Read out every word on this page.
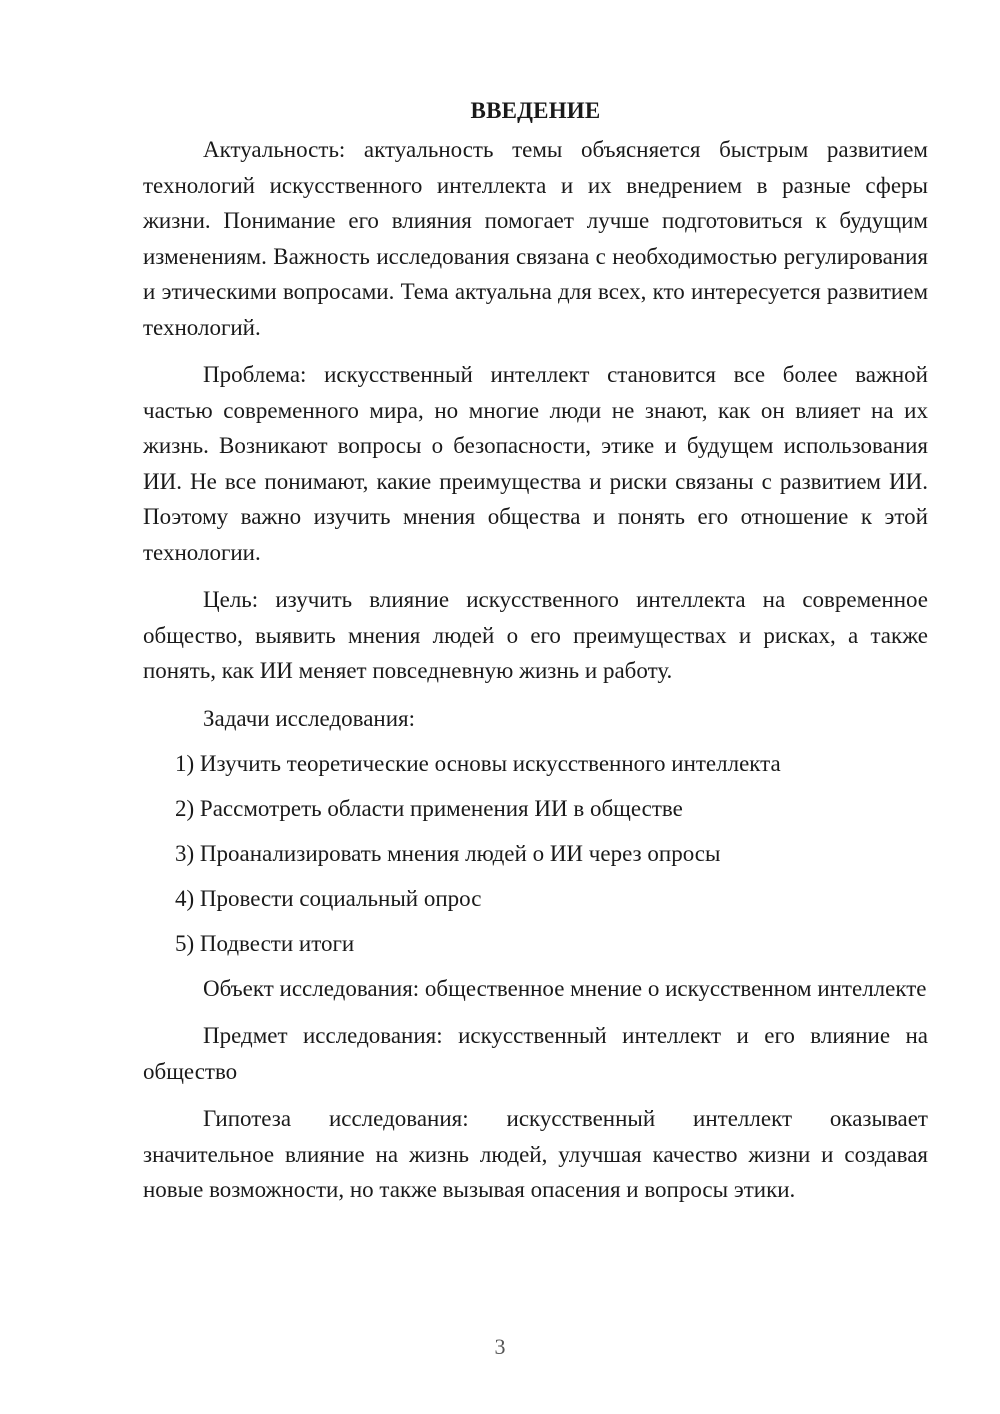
ВВЕДЕНИЕ

Актуальность: актуальность темы объясняется быстрым развитием технологий искусственного интеллекта и их внедрением в разные сферы жизни. Понимание его влияния помогает лучше подготовиться к будущим изменениям. Важность исследования связана с необходимостью регулирования и этическими вопросами. Тема актуальна для всех, кто интересуется развитием технологий.

Проблема: искусственный интеллект становится все более важной частью современного мира, но многие люди не знают, как он влияет на их жизнь. Возникают вопросы о безопасности, этике и будущем использования ИИ. Не все понимают, какие преимущества и риски связаны с развитием ИИ. Поэтому важно изучить мнения общества и понять его отношение к этой технологии.

Цель: изучить влияние искусственного интеллекта на современное общество, выявить мнения людей о его преимуществах и рисках, а также понять, как ИИ меняет повседневную жизнь и работу.

Задачи исследования:

1) Изучить теоретические основы искусственного интеллекта
2) Рассмотреть области применения ИИ в обществе
3) Проанализировать мнения людей о ИИ через опросы
4) Провести социальный опрос
5) Подвести итоги

Объект исследования: общественное мнение о искусственном интеллекте

Предмет исследования: искусственный интеллект и его влияние на общество

Гипотеза исследования: искусственный интеллект оказывает значительное влияние на жизнь людей, улучшая качество жизни и создавая новые возможности, но также вызывая опасения и вопросы этики.

3
